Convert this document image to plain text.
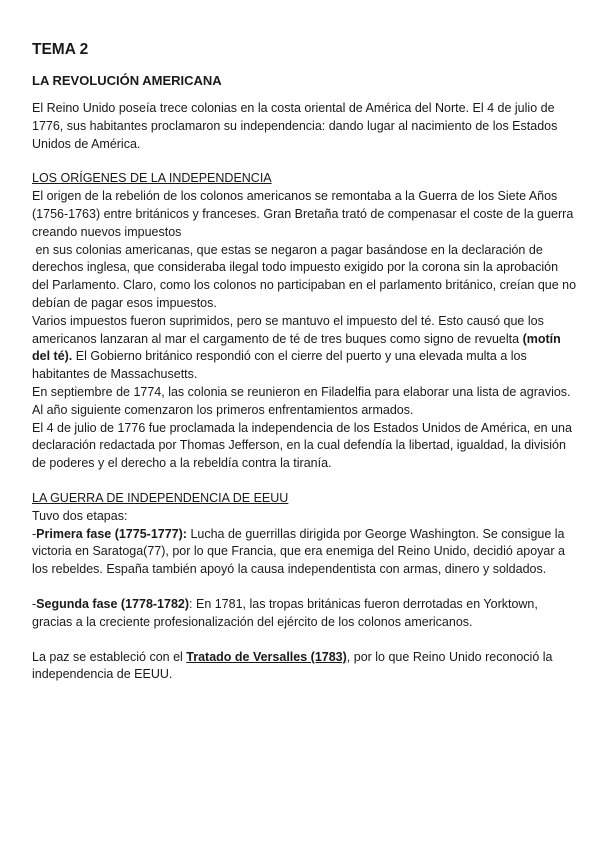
TEMA 2
LA REVOLUCIÓN AMERICANA

El Reino Unido poseía trece colonias en la costa oriental de América del Norte. El 4 de julio de 1776, sus habitantes proclamaron su independencia: dando lugar al nacimiento de los Estados Unidos de América.

LOS ORÍGENES DE LA INDEPENDENCIA

El origen de la rebelión de los colonos americanos se remontaba a la Guerra de los Siete Años (1756-1763) entre británicos y franceses. Gran Bretaña trató de compenasar el coste de la guerra creando nuevos impuestos

en sus colonias americanas, que estas se negaron a pagar basándose en la declaración de derechos inglesa, que consideraba ilegal todo impuesto exigido por la corona sin la aprobación del Parlamento. Claro, como los colonos no participaban en el parlamento británico, creían que no debían de pagar esos impuestos.

Varios impuestos fueron suprimidos, pero se mantuvo el impuesto del té. Esto causó que los americanos lanzaran al mar el cargamento de té de tres buques como signo de revuelta (motín del té). El Gobierno británico respondió con el cierre del puerto y una elevada multa a los habitantes de Massachusetts.

En septiembre de 1774, las colonia se reunieron en Filadelfia para elaborar una lista de agravios. Al año siguiente comenzaron los primeros enfrentamientos armados.

El 4 de julio de 1776 fue proclamada la independencia de los Estados Unidos de América, en una declaración redactada por Thomas Jefferson, en la cual defendía la libertad, igualdad, la división de poderes y el derecho a la rebeldía contra la tiranía.

LA GUERRA DE INDEPENDENCIA DE EEUU

Tuvo dos etapas:

-Primera fase (1775-1777): Lucha de guerrillas dirigida por George Washington. Se consigue la victoria en Saratoga(77), por lo que Francia, que era enemiga del Reino Unido, decidió apoyar a los rebeldes. España también apoyó la causa independentista con armas, dinero y soldados.

-Segunda fase (1778-1782): En 1781, las tropas británicas fueron derrotadas en Yorktown, gracias a la creciente profesionalización del ejército de los colonos americanos.

La paz se estableció con el Tratado de Versalles (1783), por lo que Reino Unido reconoció la independencia de EEUU.
